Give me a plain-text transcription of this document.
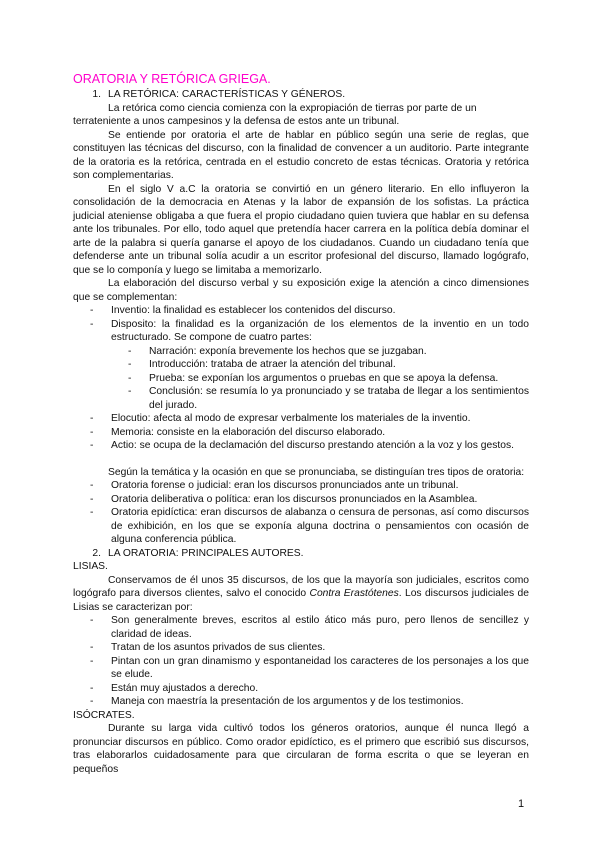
ORATORIA Y RETÓRICA GRIEGA.
1. LA RETÓRICA: CARACTERÍSTICAS Y GÉNEROS.

La retórica como ciencia comienza con la expropiación de tierras por parte de un

terrateniente a unos campesinos y la defensa de estos ante un tribunal.

Se entiende por oratoria el arte de hablar en público según una serie de reglas, que constituyen las técnicas del discurso, con la finalidad de convencer a un auditorio. Parte integrante de la oratoria es la retórica, centrada en el estudio concreto de estas técnicas. Oratoria y retórica son complementarias.

En el siglo V a.C la oratoria se convirtió en un género literario. En ello influyeron la consolidación de la democracia en Atenas y la labor de expansión de los sofistas. La práctica judicial ateniense obligaba a que fuera el propio ciudadano quien tuviera que hablar en su defensa ante los tribunales. Por ello, todo aquel que pretendía hacer carrera en la política debía dominar el arte de la palabra si quería ganarse el apoyo de los ciudadanos. Cuando un ciudadano tenía que defenderse ante un tribunal solía acudir a un escritor profesional del discurso, llamado logógrafo, que se lo componía y luego se limitaba a memorizarlo.

La elaboración del discurso verbal y su exposición exige la atención a cinco dimensiones que se complementan:

-	Inventio: la finalidad es establecer los contenidos del discurso.
-	Disposito: la finalidad es la organización de los elementos de la inventio en un todo estructurado. Se compone de cuatro partes:
-	Narración: exponía brevemente los hechos que se juzgaban.
-	Introducción: trataba de atraer la atención del tribunal.
-	Prueba: se exponían los argumentos o pruebas en que se apoya la defensa.
-	Conclusión: se resumía lo ya pronunciado y se trataba de llegar a los sentimientos del jurado.
-	Elocutio: afecta al modo de expresar verbalmente los materiales de la inventio.
-	Memoria: consiste en la elaboración del discurso elaborado.
-	Actio: se ocupa de la declamación del discurso prestando atención a la voz y los gestos.

Según la temática y la ocasión en que se pronunciaba, se distinguían tres tipos de oratoria:

-	Oratoria forense o judicial: eran los discursos pronunciados ante un tribunal.
-	Oratoria deliberativa o política: eran los discursos pronunciados en la Asamblea.
-	Oratoria epidíctica: eran discursos de alabanza o censura de personas, así como discursos de exhibición, en los que se exponía alguna doctrina o pensamientos con ocasión de alguna conferencia pública.
2. LA ORATORIA: PRINCIPALES AUTORES.

LISIAS.

Conservamos de él unos 35 discursos, de los que la mayoría son judiciales, escritos como logógrafo para diversos clientes, salvo el conocido Contra Erastótenes. Los discursos judiciales de Lisias se caracterizan por:

-	Son generalmente breves, escritos al estilo ático más puro, pero llenos de sencillez y claridad de ideas.
-	Tratan de los asuntos privados de sus clientes.
-	Pintan con un gran dinamismo y espontaneidad los caracteres de los personajes a los que se elude.
-	Están muy ajustados a derecho.
-	Maneja con maestría la presentación de los argumentos y de los testimonios.

ISÓCRATES.

Durante su larga vida cultivó todos los géneros oratorios, aunque él nunca llegó a pronunciar discursos en público. Como orador epidíctico, es el primero que escribió sus discursos, tras elaborarlos cuidadosamente para que circularan de forma escrita o que se leyeran en pequeños

1
